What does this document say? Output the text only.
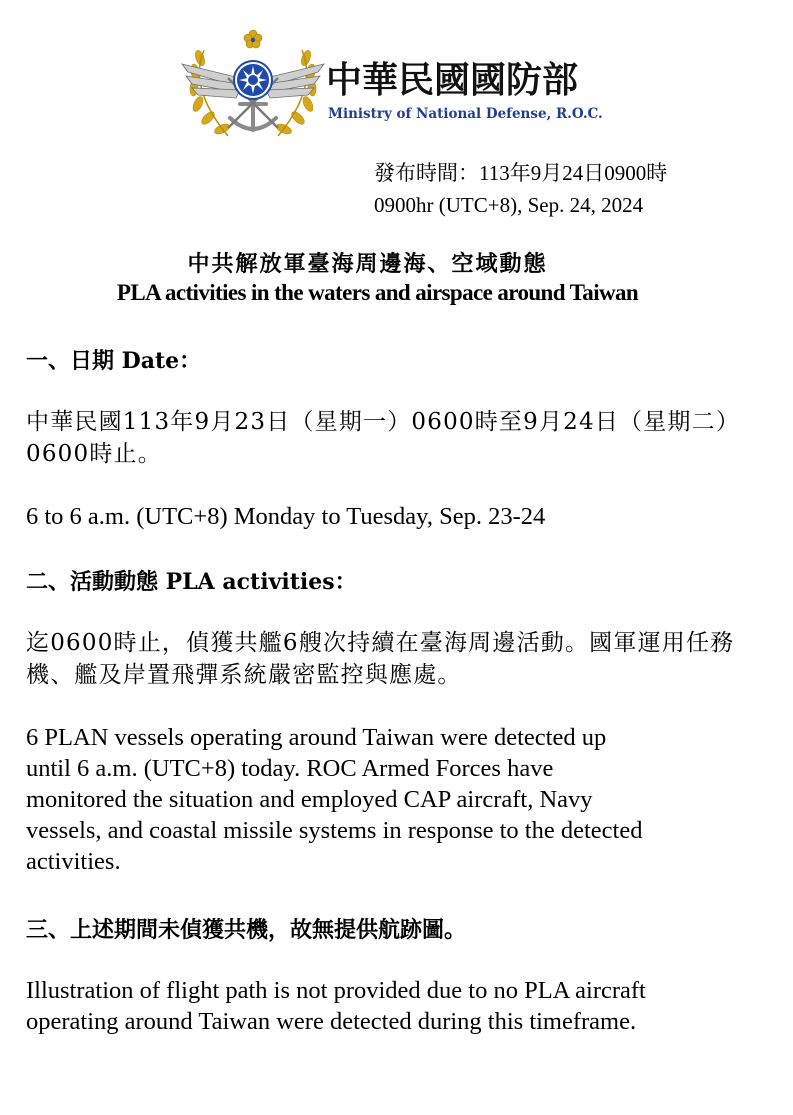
中華民國國防部
Ministry of National Defense, R.O.C.
發布時間：113年9月24日0900時
0900hr (UTC+8), Sep. 24, 2024
中共解放軍臺海周邊海、空域動態
PLA activities in the waters and airspace around Taiwan
一、日期 Date：
中華民國113年9月23日（星期一）0600時至9月24日（星期二）0600時止。
6 to 6 a.m. (UTC+8) Monday to Tuesday, Sep. 23-24
二、活動動態 PLA activities：
迄0600時止，偵獲共艦6艘次持續在臺海周邊活動。國軍運用任務機、艦及岸置飛彈系統嚴密監控與應處。
6 PLAN vessels operating around Taiwan were detected up
until 6 a.m. (UTC+8) today. ROC Armed Forces have
monitored the situation and employed CAP aircraft, Navy
vessels, and coastal missile systems in response to the detected
activities.
三、上述期間未偵獲共機，故無提供航跡圖。
Illustration of flight path is not provided due to no PLA aircraft
operating around Taiwan were detected during this timeframe.
